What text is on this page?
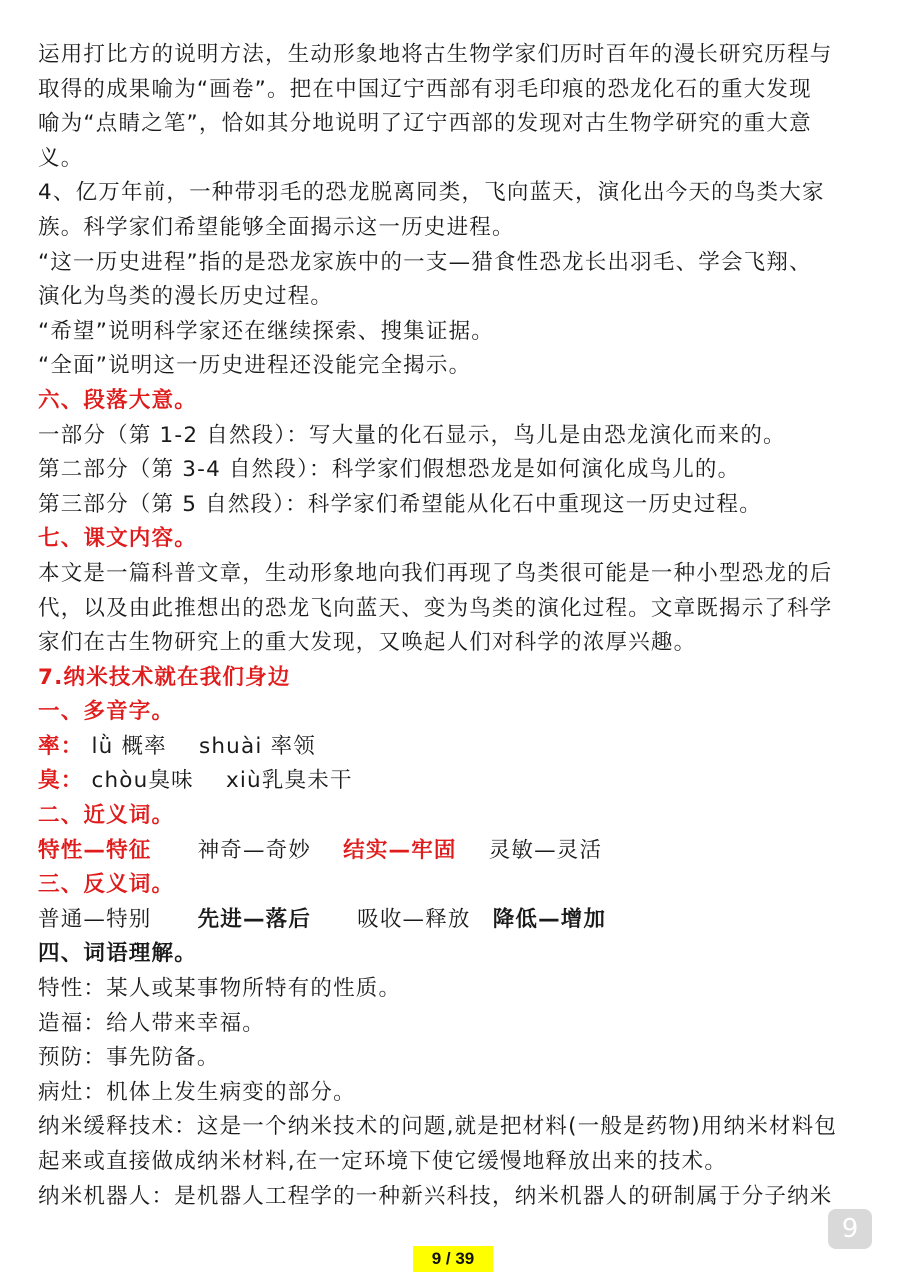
运用打比方的说明方法，生动形象地将古生物学家们历时百年的漫长研究历程与
取得的成果喻为“画卷”。把在中国辽宁西部有羽毛印痕的恐龙化石的重大发现
喻为“点睛之笔”，恰如其分地说明了辽宁西部的发现对古生物学研究的重大意
义。
4、亿万年前，一种带羽毛的恐龙脱离同类，飞向蓝天，演化出今天的鸟类大家
族。科学家们希望能够全面揭示这一历史进程。
“这一历史进程”指的是恐龙家族中的一支—猎食性恐龙长出羽毛、学会飞翔、
演化为鸟类的漫长历史过程。
“希望”说明科学家还在继续探索、搜集证据。
“全面”说明这一历史进程还没能完全揭示。
六、段落大意。
一部分（第 1-2 自然段）：写大量的化石显示，鸟儿是由恐龙演化而来的。
第二部分（第 3-4 自然段）：科学家们假想恐龙是如何演化成鸟儿的。
第三部分（第 5 自然段）：科学家们希望能从化石中重现这一历史过程。
七、课文内容。
本文是一篇科普文章，生动形象地向我们再现了鸟类很可能是一种小型恐龙的后
代，以及由此推想出的恐龙飞向蓝天、变为鸟类的演化过程。文章既揭示了科学
家们在古生物研究上的重大发现，又唤起人们对科学的浓厚兴趣。
7.纳米技术就在我们身边
一、多音字。
率： lǜ 概率 shuài 率领
臭： chòu臭味 xiù乳臭未干
二、近义词。
特性—特征 神奇—奇妙 结实—牢固 灵敏—灵活
三、反义词。
普通—特别 先进—落后 吸收—释放 降低—增加
四、词语理解。
特性：某人或某事物所特有的性质。
造福：给人带来幸福。
预防：事先防备。
病灶：机体上发生病变的部分。
纳米缓释技术：这是一个纳米技术的问题,就是把材料(一般是药物)用纳米材料包
起来或直接做成纳米材料,在一定环境下使它缓慢地释放出来的技术。
纳米机器人：是机器人工程学的一种新兴科技，纳米机器人的研制属于分子纳米
9
9 / 39
